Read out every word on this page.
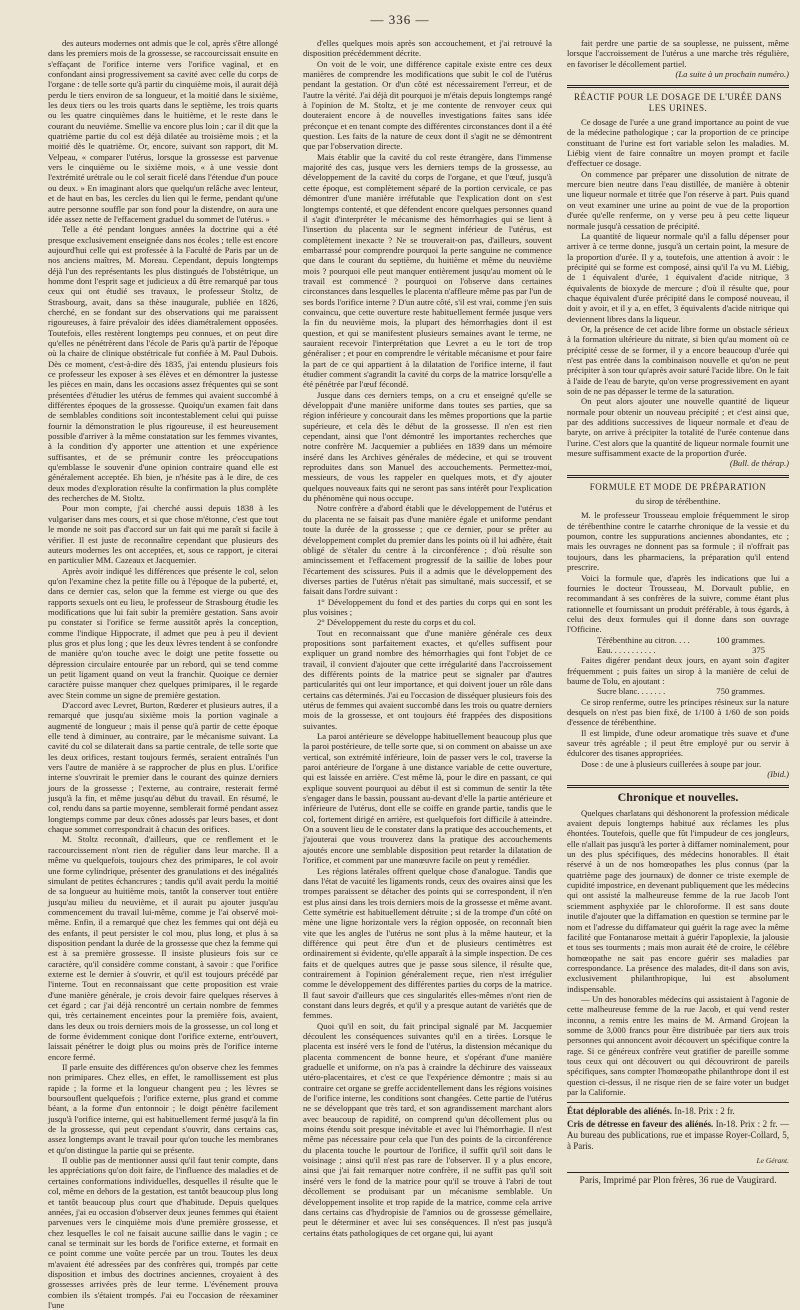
— 336 —

des auteurs modernes ont admis que le col, après s'être allongé dans les premiers mois de la grossesse, se raccourcissait ensuite en s'effaçant de l'orifice interne vers l'orifice vaginal, et en confondant ainsi progressivement sa cavité avec celle du corps de l'organe : de telle sorte qu'à partir du cinquième mois, il aurait déjà perdu le tiers environ de sa longueur, et la moitié dans le sixième, les deux tiers ou les trois quarts dans le septième, les trois quarts ou les quatre cinquièmes dans le huitième, et le reste dans le courant du neuvième. Smellie va encore plus loin ; car il dit que la quatrième partie du col est déjà dilatée au troisième mois ; et la moitié dès le quatrième. Or, encore, suivant son rapport, dit M. Velpeau, « comparer l'utérus, lorsque la grossesse est parvenue vers le cinquième ou le sixième mois, « à une vessie dont l'extrémité urétrale ou le col serait ficelé dans l'étendue d'un pouce ou deux. » En imaginant alors que quelqu'un relâche avec lenteur, et de haut en bas, les cercles du lien qui le ferme, pendant qu'une autre personne souffle par son fond pour la distendre, on aura une idée assez nette de l'effacement graduel du sommet de l'utérus. »

Telle a été pendant longues années la doctrine qui a été presque exclusivement enseignée dans nos écoles ; telle est encore aujourd'hui celle qui est professée à la Faculté de Paris par un de nos anciens maîtres, M. Moreau. Cependant, depuis longtemps déjà l'un des représentants les plus distingués de l'obstétrique, un homme dont l'esprit sage et judicieux a dû être remarqué par tous ceux qui ont étudié ses travaux, le professeur Stoltz, de Strasbourg, avait, dans sa thèse inaugurale, publiée en 1826, cherché, en se fondant sur des observations qui me paraissent rigoureuses, à faire prévaloir des idées diamétralement opposées. Toutefois, elles restèrent longtemps peu connues, et on peut dire qu'elles ne pénétrèrent dans l'école de Paris qu'à partir de l'époque où la chaire de clinique obstétricale fut confiée à M. Paul Dubois. Dès ce moment, c'est-à-dire dès 1835, j'ai entendu plusieurs fois ce professeur les exposer à ses élèves et en démontrer la justesse les pièces en main, dans les occasions assez fréquentes qui se sont présentées d'étudier les utérus de femmes qui avaient succombé à différentes époques de la grossesse. Quoiqu'un examen fait dans de semblables conditions soit incontestablement celui qui puisse fournir la démonstration le plus rigoureuse, il est heureusement possible d'arriver à la même constatation sur les femmes vivantes, à la condition d'y apporter une attention et une expérience suffisantes, et de se prémunir contre les préoccupations qu'emblasse le souvenir d'une opinion contraire quand elle est généralement acceptée. Eh bien, je n'hésite pas à le dire, de ces deux modes d'exploration résulte la confirmation la plus complète des recherches de M. Stoltz.

Pour mon compte, j'ai cherché aussi depuis 1838 à les vulgariser dans mes cours, et si que chose m'étonne, c'est que tout le monde ne soit pas d'accord sur un fait qui me paraît si facile à vérifier. Il est juste de reconnaître cependant que plusieurs des auteurs modernes les ont acceptées, et, sous ce rapport, je citerai en particulier MM. Cazeaux et Jacquemier.

Après avoir indiqué les différences que présente le col, selon qu'on l'examine chez la petite fille ou à l'époque de la puberté, et, dans ce dernier cas, selon que la femme est vierge ou que des rapports sexuels ont eu lieu, le professeur de Strasbourg étudie les modifications que lui fait subir la première gestation. Sans avoir pu constater si l'orifice se ferme aussitôt après la conception, comme l'indique Hippocrate, il admet que peu à peu il devient plus gros et plus long ; que les deux lèvres tendent à se confondre de manière qu'on touche avec le doigt une petite fossette ou dépression circulaire entourée par un rebord, qui se tend comme un petit ligament quand on veut la franchir. Quoique ce dernier caractère puisse manquer chez quelques primipares, il le regarde avec Stein comme un signe de première gestation.

D'accord avec Levret, Burton, Rœderer et plusieurs autres, il a remarqué que jusqu'au sixième mois la portion vaginale a augmenté de longueur ; mais il pense qu'à partir de cette époque elle tend à diminuer, au contraire, par le mécanisme suivant. La cavité du col se dilaterait dans sa partie centrale, de telle sorte que les deux orifices, restant toujours fermés, seraient entraînés l'un vers l'autre de manière à se rapprocher de plus en plus. L'orifice interne s'ouvrirait le premier dans le courant des quinze derniers jours de la grossesse ; l'externe, au contraire, resterait fermé jusqu'à la fin, et même jusqu'au début du travail. En résumé, le col, rendu dans sa partie moyenne, semblerait formé pendant assez longtemps comme par deux cônes adossés par leurs bases, et dont chaque sommet correspondrait à chacun des orifices.

M. Stoltz reconnaît, d'ailleurs, que ce renflement et le raccourcissement n'ont rien de régulier dans leur marche. Il a même vu quelquefois, toujours chez des primipares, le col avoir une forme cylindrique, présenter des granulations et des inégalités simulant de petites échancrures ; tandis qu'il avait perdu la moitié de sa longueur au huitième mois, tantôt la conserver tout entière jusqu'au milieu du neuvième, et il aurait pu ajouter jusqu'au commencement du travail lui-même, comme je l'ai observé moi-même. Enfin, il a remarqué que chez les femmes qui ont déjà eu des enfants, il peut persister le col mou, plus long, et plus à sa disposition pendant la durée de la grossesse que chez la femme qui est à sa première grossesse. Il insiste plusieurs fois sur ce caractère, qu'il considère comme constant, à savoir : que l'orifice externe est le dernier à s'ouvrir, et qu'il est toujours précédé par l'interne. Tout en reconnaissant que cette proposition est vraie d'une manière générale, je crois devoir faire quelques réserves à cet égard ; car j'ai déjà rencontré un certain nombre de femmes qui, très certainement enceintes pour la première fois, avaient, dans les deux ou trois derniers mois de la grossesse, un col long et de forme évidemment conique dont l'orifice externe, entr'ouvert, laissait pénétrer le doigt plus ou moins près de l'orifice interne encore fermé.

Il parle ensuite des différences qu'on observe chez les femmes non primipares. Chez elles, en effet, le ramollissement est plus rapide ; la forme et la longueur changent peu ; les lèvres se boursouflent quelquefois ; l'orifice externe, plus grand et comme béant, a la forme d'un entonnoir ; le doigt pénètre facilement jusqu'à l'orifice interne, qui est habituellement fermé jusqu'à la fin de la grossesse, qui peut cependant s'ouvrir, dans certains cas, assez longtemps avant le travail pour qu'on touche les membranes et qu'on distingue la partie qui se présente.

Il oublie pas de mentionner aussi qu'il faut tenir compte, dans les appréciations qu'on doit faire, de l'influence des maladies et de certaines conformations individuelles, desquelles il résulte que le col, même en dehors de la gestation, est tantôt beaucoup plus long et tantôt beaucoup plus court que d'habitude. Depuis quelques années, j'ai eu occasion d'observer deux jeunes femmes qui étaient parvenues vers le cinquième mois d'une première grossesse, et chez lesquelles le col ne faisait aucune saillie dans le vagin ; ce canal se terminait sur les bords de l'orifice externe, et formait en ce point comme une voûte percée par un trou. Toutes les deux m'avaient été adressées par des confrères qui, trompés par cette disposition et imbus des doctrines anciennes, croyaient à des grossesses arrivées près de leur terme. L'événement prouva combien ils s'étaient trompés. J'ai eu l'occasion de réexaminer l'une

d'elles quelques mois après son accouchement, et j'ai retrouvé la disposition précédemment décrite.

On voit de le voir, une différence capitale existe entre ces deux manières de comprendre les modifications que subit le col de l'utérus pendant la gestation. Or d'un côté est nécessairement l'erreur, et de l'autre la vérité. J'ai déjà dit pourquoi je m'étais depuis longtemps rangé à l'opinion de M. Stoltz, et je me contente de renvoyer ceux qui douteraient encore à de nouvelles investigations faites sans idée préconçue et en tenant compte des différentes circonstances dont il a été question. Les faits de la nature de ceux dont il s'agit ne se démontrent que par l'observation directe.

Mais établir que la cavité du col reste étrangère, dans l'immense majorité des cas, jusque vers les derniers temps de la grossesse, au développement de la cavité du corps de l'organe, et que l'œuf, jusqu'à cette époque, est complètement séparé de la portion cervicale, ce pas démontrer d'une manière irréfutable que l'explication dont on s'est longtemps contenté, et que défendent encore quelques personnes quand il s'agit d'interpréter le mécanisme des hémorrhagies qui se lient à l'insertion du placenta sur le segment inférieur de l'utérus, est complètement inexacte ? Ne se trouverait-on pas, d'ailleurs, souvent embarrassé pour comprendre pourquoi la perte sanguine ne commence que dans le courant du septième, du huitième et même du neuvième mois ? pourquoi elle peut manquer entièrement jusqu'au moment où le travail est commencé ? pourquoi on l'observe dans certaines circonstances dans lesquelles le placenta n'affleure même pas par l'un de ses bords l'orifice interne ? D'un autre côté, s'il est vrai, comme j'en suis convaincu, que cette ouverture reste habituellement fermée jusque vers la fin du neuvième mois, la plupart des hémorrhagies dont il est question, et qui se manifestent plusieurs semaines avant le terme, ne sauraient recevoir l'interprétation que Levret a eu le tort de trop généraliser ; et pour en comprendre le véritable mécanisme et pour faire la part de ce qui appartient à la dilatation de l'orifice interne, il faut étudier comment s'agrandit la cavité du corps de la matrice lorsqu'elle a été pénétrée par l'œuf fécondé.

Jusque dans ces derniers temps, on a cru et enseigné qu'elle se développait d'une manière uniforme dans toutes ses parties, que sa région inférieure y concourait dans les mêmes proportions que la partie supérieure, et cela dès le début de la grossesse. Il n'en est rien cependant, ainsi que l'ont démontré les importantes recherches que notre confrère M. Jacquemier a publiées en 1839 dans un mémoire inséré dans les Archives générales de médecine, et qui se trouvent reproduites dans son Manuel des accouchements. Permettez-moi, messieurs, de vous les rappeler en quelques mots, et d'y ajouter quelques nouveaux faits qui ne seront pas sans intérêt pour l'explication du phénomène qui nous occupe.

Notre confrère a d'abord établi que le développement de l'utérus et du placenta ne se faisait pas d'une manière égale et uniforme pendant toute la durée de la grossesse ; que ce dernier, pour se prêter au développement complet du premier dans les points où il lui adhère, était obligé de s'étaler du centre à la circonférence ; d'où résulte son amincissement et l'effacement progressif de la saillie de lobes pour l'écartement des scissures. Puis il a admis que le développement des diverses parties de l'utérus n'était pas simultané, mais successif, et se faisait dans l'ordre suivant :

1° Développement du fond et des parties du corps qui en sont les plus voisines ;

2° Développement du reste du corps et du col.

Tout en reconnaissant que d'une manière générale ces deux propositions sont parfaitement exactes, et qu'elles suffisent pour expliquer un grand nombre des hémorrhagies qui font l'objet de ce travail, il convient d'ajouter que cette irrégularité dans l'accroissement des différents points de la matrice peut se signaler par d'autres particularités qui ont leur importance, et qui doivent jouer un rôle dans certains cas déterminés. J'ai eu l'occasion de disséquer plusieurs fois des utérus de femmes qui avaient succombé dans les trois ou quatre derniers mois de la grossesse, et ont toujours été frappées des dispositions suivantes.

La paroi antérieure se développe habituellement beaucoup plus que la paroi postérieure, de telle sorte que, si on comment on abaisse un axe vertical, son extrémité inférieure, loin de passer vers le col, traverse la paroi antérieure de l'organe à une distance variable de cette ouverture, qui est laissée en arrière. C'est même là, pour le dire en passant, ce qui explique souvent pourquoi au début il est si commun de sentir la tête s'engager dans le bassin, poussant au-devant d'elle la partie antérieure et inférieure de l'utérus, dont elle se coiffe en grande partie, tandis que le col, fortement dirigé en arrière, est quelquefois fort difficile à atteindre. On a souvent lieu de le constater dans la pratique des accouchements, et j'ajouterai que vous trouverez dans la pratique des accouchements ajoutés encore une semblable disposition peut retarder la dilatation de l'orifice, et comment par une manœuvre facile on peut y remédier.

Les régions latérales offrent quelque chose d'analogue. Tandis que dans l'état de vacuité les ligaments ronds, ceux des ovaires ainsi que les trompes paraissent se détacher des points qui se correspondent, il n'en est plus ainsi dans les trois derniers mois de la grossesse et même avant. Cette symétrie est habituellement détruite ; si de la trompe d'un côté on mène une ligne horizontale vers la région opposée, on reconnaît bien vite que les angles de l'utérus ne sont plus à la même hauteur, et la différence qui peut être d'un et de plusieurs centimètres est ordinairement si évidente, qu'elle apparaît à la simple inspection. De ces faits et de quelques autres que je passe sous silence, il résulte que, contrairement à l'opinion généralement reçue, rien n'est irrégulier comme le développement des différentes parties du corps de la matrice. Il faut savoir d'ailleurs que ces singularités elles-mêmes n'ont rien de constant dans leurs degrés, et qu'il y a presque autant de variétés que de femmes.

Quoi qu'il en soit, du fait principal signalé par M. Jacquemier découlent les conséquences suivantes qu'il en a tirées. Lorsque le placenta est inséré vers le fond de l'utérus, la distension mécanique du placenta commencent de bonne heure, et s'opérant d'une manière graduelle et uniforme, on n'a pas à craindre la déchirure des vaisseaux utéro-placentaires, et c'est ce que l'expérience démontre ; mais si au contraire cet organe se greffe accidentellement dans les régions voisines de l'orifice interne, les conditions sont changées. Cette partie de l'utérus ne se développant que très tard, et son agrandissement marchant alors avec beaucoup de rapidité, on comprend qu'un décollement plus ou moins étendu soit presque inévitable et avec lui l'hémorrhagie. Il n'est même pas nécessaire pour cela que l'un des points de la circonférence du placenta touche le pourtour de l'orifice, il suffit qu'il soit dans le voisinage ; ainsi qu'il n'est pas rare de l'observer. Il y a plus encore, ainsi que j'ai fait remarquer notre confrère, il ne suffit pas qu'il soit inséré vers le fond de la matrice pour qu'il se trouve à l'abri de tout décollement se produisant par un mécanisme semblable. Un développement insolite et trop rapide de la matrice, comme cela arrive dans certains cas d'hydropisie de l'amnios ou de grossesse gémellaire, peut le déterminer et avec lui ses conséquences. Il n'est pas jusqu'à certains états pathologiques de cet organe qui, lui ayant

fait perdre une partie de sa souplesse, ne puissent, même lorsque l'accroissement de l'utérus a une marche très régulière, en favoriser le décollement partiel.

(La suite à un prochain numéro.)

RÉACTIF POUR LE DOSAGE DE L'URÉE DANS LES URINES.

Ce dosage de l'urée a une grand importance au point de vue de la médecine pathologique ; car la proportion de ce principe constituant de l'urine est fort variable selon les maladies. M. Liébig vient de faire connaître un moyen prompt et facile d'effectuer ce dosage.

On commence par préparer une dissolution de nitrate de mercure bien neutre dans l'eau distillée, de manière à obtenir une liqueur normale et titrée que l'on réserve à part. Puis quand on veut examiner une urine au point de vue de la proportion d'urée qu'elle renferme, on y verse peu à peu cette liqueur normale jusqu'à cessation de précipité.

La quantité de liqueur normale qu'il a fallu dépenser pour arriver à ce terme donne, jusqu'à un certain point, la mesure de la proportion d'urée. Il y a, toutefois, une attention à avoir : le précipité qui se forme est composé, ainsi qu'il l'a vu M. Liébig, de 1 équivalent d'urée, 1 équivalent d'acide nitrique, 3 équivalents de bioxyde de mercure ; d'où il résulte que, pour chaque équivalent d'urée précipité dans le composé nouveau, il doit y avoir, et il y a, en effet, 3 équivalents d'acide nitrique qui deviennent libres dans la liqueur.

Or, la présence de cet acide libre forme un obstacle sérieux à la formation ultérieure du nitrate, si bien qu'au moment où ce précipité cesse de se former, il y a encore beaucoup d'urée qui n'est pas entrée dans la combinaison nouvelle et qu'on ne peut précipiter à son tour qu'après avoir saturé l'acide libre. On le fait à l'aide de l'eau de baryte, qu'on verse progressivement en ayant soin de ne pas dépasser le terme de la saturation.

On peut alors ajouter une nouvelle quantité de liqueur normale pour obtenir un nouveau précipité ; et c'est ainsi que, par des additions successives de liqueur normale et d'eau de baryte, on arrive à précipiter la totalité de l'urée contenue dans l'urine. C'est alors que la quantité de liqueur normale fournit une mesure suffisamment exacte de la proportion d'urée.

(Bull. de thérap.)

FORMULE ET MODE DE PRÉPARATION
du sirop de térébenthine.

M. le professeur Trousseau emploie fréquemment le sirop de térébenthine contre le catarrhe chronique de la vessie et du poumon, contre les suppurations anciennes abondantes, etc ; mais les ouvrages ne donnent pas sa formule ; il n'offrait pas toujours, dans les pharmaciens, la préparation qu'il entend prescrire.

Voici la formule que, d'après les indications que lui a fournies le docteur Trousseau, M. Dorvault publie, en recommandant à ses confrères de la suivre, comme étant plus rationnelle et fournissant un produit préférable, à tous égards, à celui des deux formules qui il donne dans son ouvrage l'Officine.

Térébenthine au citron. . . .	100 grammes.
Eau. . . . . . . . . . .	375

Faites digérer pendant deux jours, en ayant soin d'agiter fréquemment ; puis faites un sirop à la manière de celui de baume de Tolu, en ajoutant :

Sucre blanc. . . . . . .	750 grammes.

Ce sirop renferme, outre les principes résineux sur la nature desquels on n'est pas bien fixé, de 1/100 à 1/60 de son poids d'essence de térébenthine.

Il est limpide, d'une odeur aromatique très suave et d'une saveur très agréable ; il peut être employé pur ou servir à édulcorer des tisanes appropriées.

Dose : de une à plusieurs cuillerées à soupe par jour.

(Ibid.)

Chronique et nouvelles.

Quelques charlatans qui déshonorent la profession médicale avaient depuis longtemps habitué aux réclames les plus éhontées. Toutefois, quelle que fût l'impudeur de ces jongleurs, elle n'allait pas jusqu'à les porter à diffamer nominalement, pour un des plus spécifiques, des médecins honorables. Il était réservé à un de nos homœopathes les plus connus (par la quatrième page des journaux) de donner ce triste exemple de cupidité impostrice, en devenant publiquement que les médecins qui ont assisté la malheureuse femme de la rue Jacob l'ont sciemment asphyxiée par le chloroforme. Il est sans doute inutile d'ajouter que la diffamation en question se termine par le nom et l'adresse du diffamateur qui guérit la rage avec la même facilité que Fontanarose mettait à guérir l'apoplexie, la jalousie et tous ses tourments ; mais mon aurait été de croire, le célèbre homœopathe ne sait pas encore guérir ses maladies par correspondance. La présence des malades, dit-il dans son avis, exclusivement philanthropique, lui est absolument indispensable.

— Un des honorables médecins qui assistaient à l'agonie de cette malheureuse femme de la rue Jacob, et qui vend rester inconnu, a remis entre les mains de M. Armand Grojean la somme de 3,000 francs pour être distribuée par tiers aux trois personnes qui annoncent avoir découvert un spécifique contre la rage. Si ce généreux confrère veut gratifier de pareille somme tous ceux qui ont découvert ou qui découvriront de pareils spécifiques, sans compter l'homœopathe philanthrope dont il est question ci-dessus, il ne risque rien de se faire voter un budget par la Californie.

État déplorable des aliénés. In-18. Prix : 2 fr.

Cris de détresse en faveur des aliénés. In-18. Prix : 2 fr. — Au bureau des publications, rue et impasse Royer-Collard, 5, à Paris.

Le Gérant.
Paris, Imprimé par Plon frères, 36 rue de Vaugirard.
